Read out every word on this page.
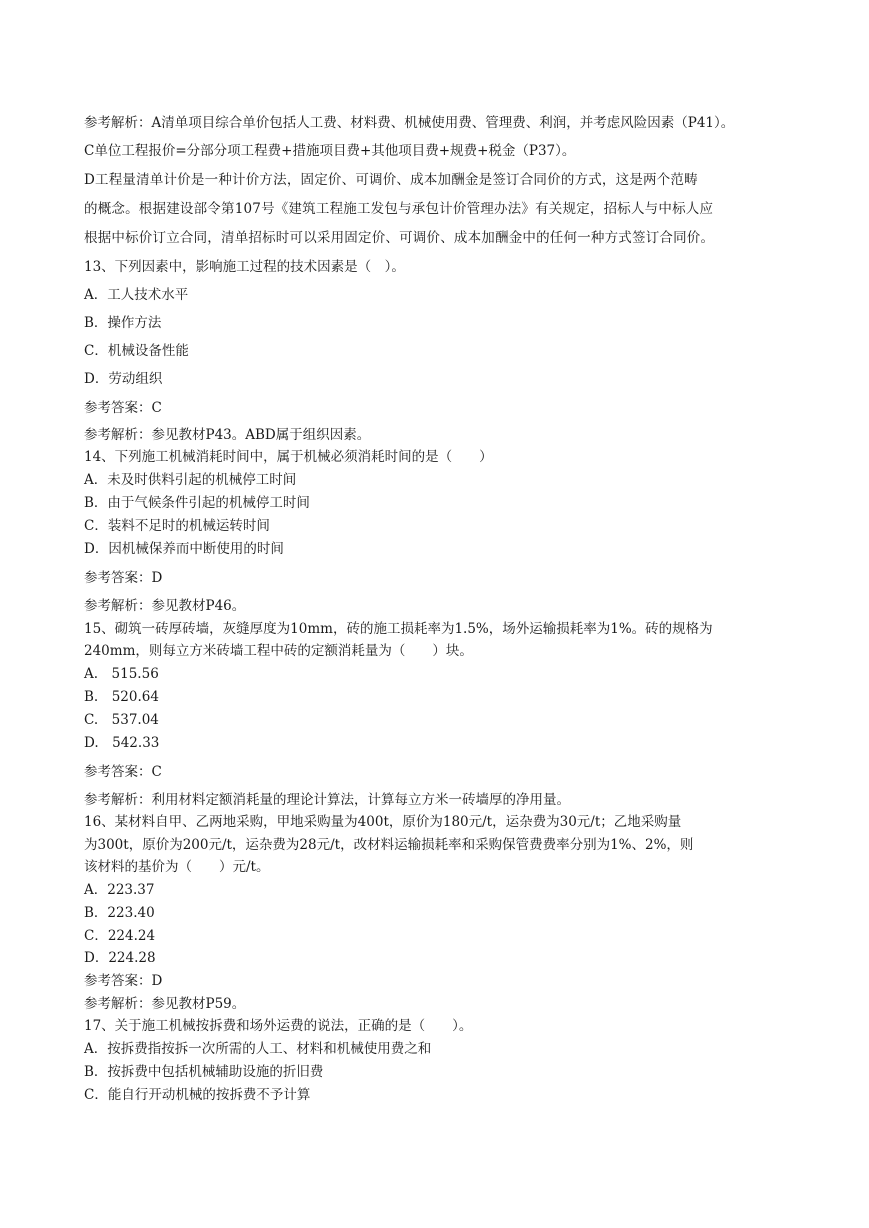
参考解析：A清单项目综合单价包括人工费、材料费、机械使用费、管理费、利润，并考虑风险因素（P41）。
C单位工程报价=分部分项工程费+措施项目费+其他项目费+规费+税金（P37）。
D工程量清单计价是一种计价方法，固定价、可调价、成本加酬金是签订合同价的方式，这是两个范畴
的概念。根据建设部令第107号《建筑工程施工发包与承包计价管理办法》有关规定，招标人与中标人应
根据中标价订立合同，清单招标时可以采用固定价、可调价、成本加酬金中的任何一种方式签订合同价。
13、下列因素中，影响施工过程的技术因素是（　）。
A．工人技术水平
B．操作方法
C．机械设备性能
D．劳动组织
参考答案：C
参考解析：参见教材P43。ABD属于组织因素。
14、下列施工机械消耗时间中，属于机械必须消耗时间的是（　　）
A．未及时供料引起的机械停工时间
B．由于气候条件引起的机械停工时间
C．装料不足时的机械运转时间
D．因机械保养而中断使用的时间
参考答案：D
参考解析：参见教材P46。
15、砌筑一砖厚砖墙，灰缝厚度为10mm，砖的施工损耗率为1.5%，场外运输损耗率为1%。砖的规格为
240mm，则每立方米砖墙工程中砖的定额消耗量为（　　）块。
A.　515.56
B.　520.64
C.　537.04
D.　542.33
参考答案：C
参考解析：利用材料定额消耗量的理论计算法，计算每立方米一砖墙厚的净用量。
16、某材料自甲、乙两地采购，甲地采购量为400t，原价为180元/t，运杂费为30元/t；乙地采购量
为300t，原价为200元/t，运杂费为28元/t，改材料运输损耗率和采购保管费费率分别为1%、2%，则
该材料的基价为（　　）元/t。
A．223.37
B．223.40
C．224.24
D．224.28
参考答案：D
参考解析：参见教材P59。
17、关于施工机械按拆费和场外运费的说法，正确的是（　　）。
A．按拆费指按拆一次所需的人工、材料和机械使用费之和
B．按拆费中包括机械辅助设施的折旧费
C．能自行开动机械的按拆费不予计算
